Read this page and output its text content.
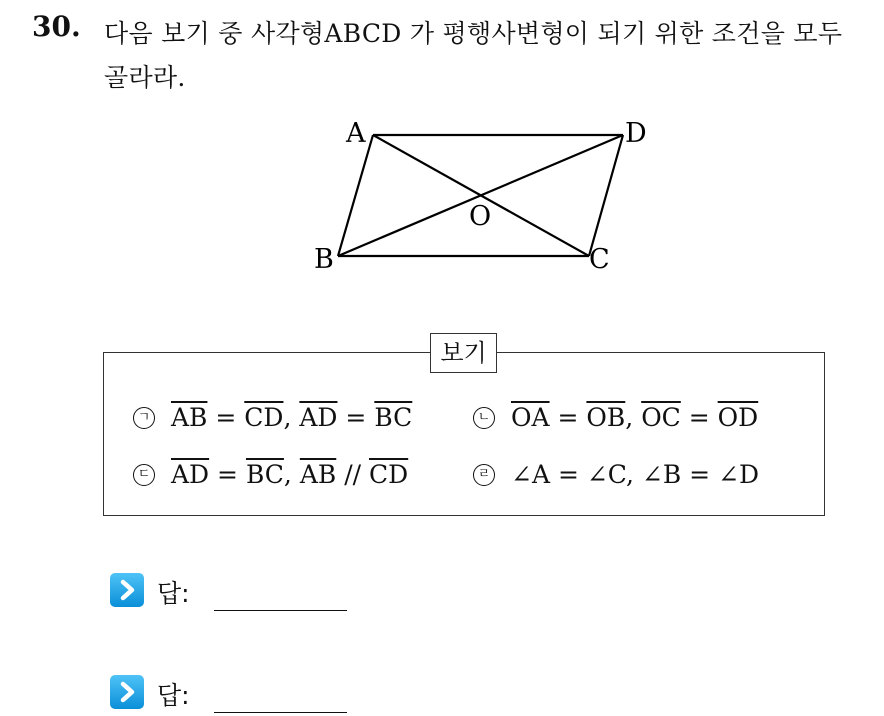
30. 다음 보기 중 사각형ABCD 가 평행사변형이 되기 위한 조건을 모두
골라라.
A	D
B	C
O
보기
ㄱ $\overline{AB} = \overline{CD}$ , $\overline{AD} = \overline{BC}$	ㄴ $\overline{OA} = \overline{OB}$ , $\overline{OC} = \overline{OD}$
ㄷ $\overline{AD} = \overline{BC}$ , $\overline{AB} // \overline{CD}$	ㄹ ∠A = ∠C, ∠B = ∠D
답:
답:
